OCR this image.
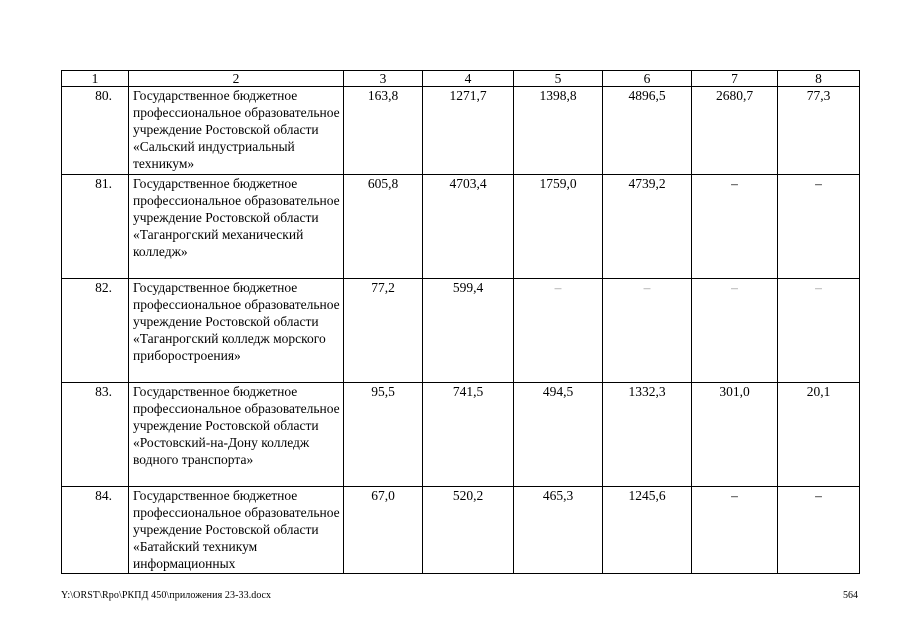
1	2	3	4	5	6	7	8
80.	Государственное бюджетное профессиональное образовательное учреждение Ростовской области «Сальский индустриальный техникум»	163,8	1271,7	1398,8	4896,5	2680,7	77,3
81.	Государственное бюджетное профессиональное образовательное учреждение Ростовской области «Таганрогский механический колледж»	605,8	4703,4	1759,0	4739,2	–	–
82.	Государственное бюджетное профессиональное образовательное учреждение Ростовской области «Таганрогский колледж морского приборостроения»	77,2	599,4	–	–	–	–
83.	Государственное бюджетное профессиональное образовательное учреждение Ростовской области «Ростовский-на-Дону колледж водного транспорта»	95,5	741,5	494,5	1332,3	301,0	20,1
84.	Государственное бюджетное профессиональное образовательное учреждение Ростовской области «Батайский техникум информационных	67,0	520,2	465,3	1245,6	–	–
Y:\ORST\Rpo\РКПД 450\приложения 23-33.docx	564
